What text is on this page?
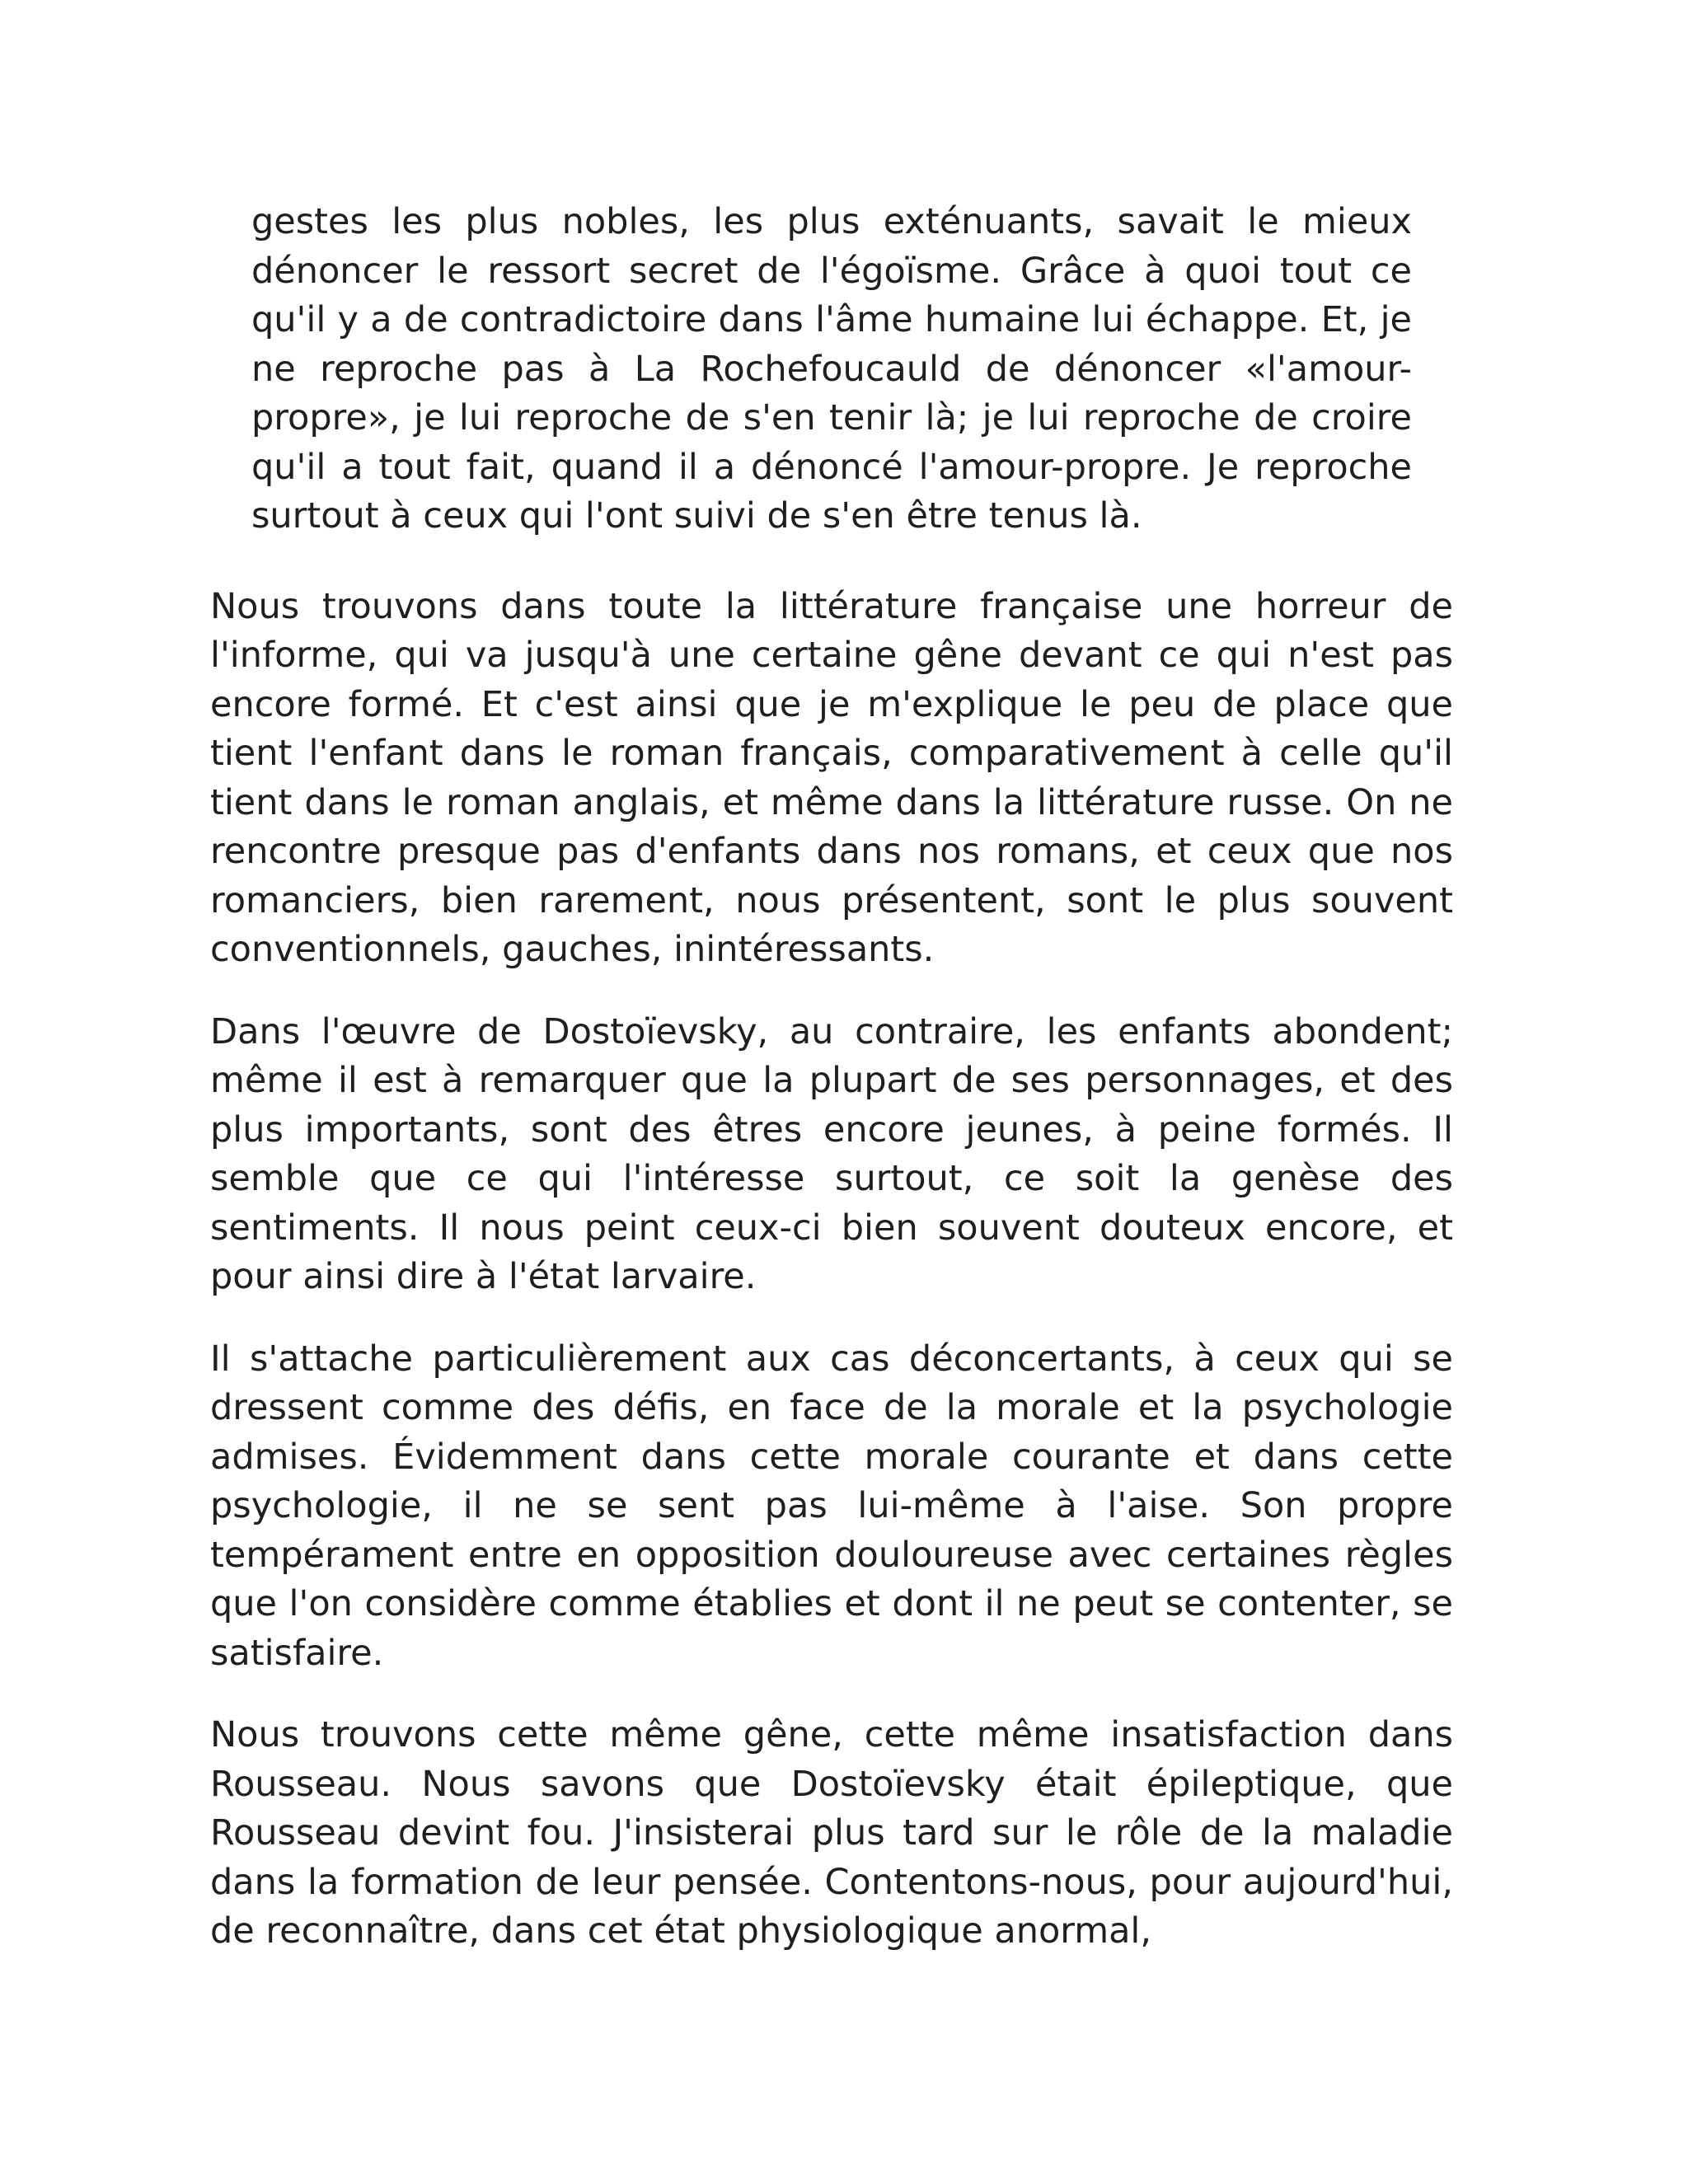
gestes les plus nobles, les plus exténuants, savait le mieux dénoncer le ressort secret de l'égoïsme. Grâce à quoi tout ce qu'il y a de contradictoire dans l'âme humaine lui échappe. Et, je ne reproche pas à La Rochefoucauld de dénoncer «l'amour-propre», je lui reproche de s'en tenir là; je lui reproche de croire qu'il a tout fait, quand il a dénoncé l'amour-propre. Je reproche surtout à ceux qui l'ont suivi de s'en être tenus là.

Nous trouvons dans toute la littérature française une horreur de l'informe, qui va jusqu'à une certaine gêne devant ce qui n'est pas encore formé. Et c'est ainsi que je m'explique le peu de place que tient l'enfant dans le roman français, comparativement à celle qu'il tient dans le roman anglais, et même dans la littérature russe. On ne rencontre presque pas d'enfants dans nos romans, et ceux que nos romanciers, bien rarement, nous présentent, sont le plus souvent conventionnels, gauches, inintéressants.

Dans l'œuvre de Dostoïevsky, au contraire, les enfants abondent; même il est à remarquer que la plupart de ses personnages, et des plus importants, sont des êtres encore jeunes, à peine formés. Il semble que ce qui l'intéresse surtout, ce soit la genèse des sentiments. Il nous peint ceux-ci bien souvent douteux encore, et pour ainsi dire à l'état larvaire.

Il s'attache particulièrement aux cas déconcertants, à ceux qui se dressent comme des défis, en face de la morale et la psychologie admises. Évidemment dans cette morale courante et dans cette psychologie, il ne se sent pas lui-même à l'aise. Son propre tempérament entre en opposition douloureuse avec certaines règles que l'on considère comme établies et dont il ne peut se contenter, se satisfaire.

Nous trouvons cette même gêne, cette même insatisfaction dans Rousseau. Nous savons que Dostoïevsky était épileptique, que Rousseau devint fou. J'insisterai plus tard sur le rôle de la maladie dans la formation de leur pensée. Contentons-nous, pour aujourd'hui, de reconnaître, dans cet état physiologique anormal,
